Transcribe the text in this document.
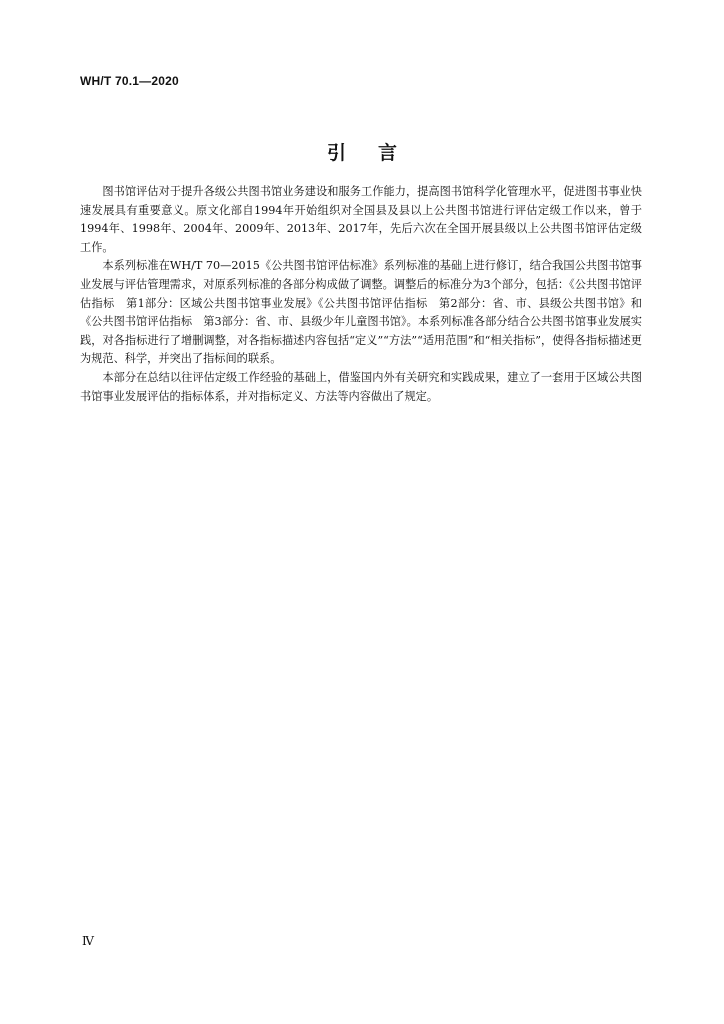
WH/T 70.1—2020
引言

图书馆评估对于提升各级公共图书馆业务建设和服务工作能力，提高图书馆科学化管理水平，促进图书事业快速发展具有重要意义。原文化部自1994年开始组织对全国县及县以上公共图书馆进行评估定级工作以来，曾于1994年、1998年、2004年、2009年、2013年、2017年，先后六次在全国开展县级以上公共图书馆评估定级工作。

本系列标准在WH/T 70—2015《公共图书馆评估标准》系列标准的基础上进行修订，结合我国公共图书馆事业发展与评估管理需求，对原系列标准的各部分构成做了调整。调整后的标准分为3个部分，包括：《公共图书馆评估指标　第1部分：区域公共图书馆事业发展》《公共图书馆评估指标　第2部分：省、市、县级公共图书馆》和《公共图书馆评估指标　第3部分：省、市、县级少年儿童图书馆》。本系列标准各部分结合公共图书馆事业发展实践，对各指标进行了增删调整，对各指标描述内容包括“定义”“方法”“适用范围”和“相关指标”，使得各指标描述更为规范、科学，并突出了指标间的联系。

本部分在总结以往评估定级工作经验的基础上，借鉴国内外有关研究和实践成果，建立了一套用于区域公共图书馆事业发展评估的指标体系，并对指标定义、方法等内容做出了规定。

Ⅳ
